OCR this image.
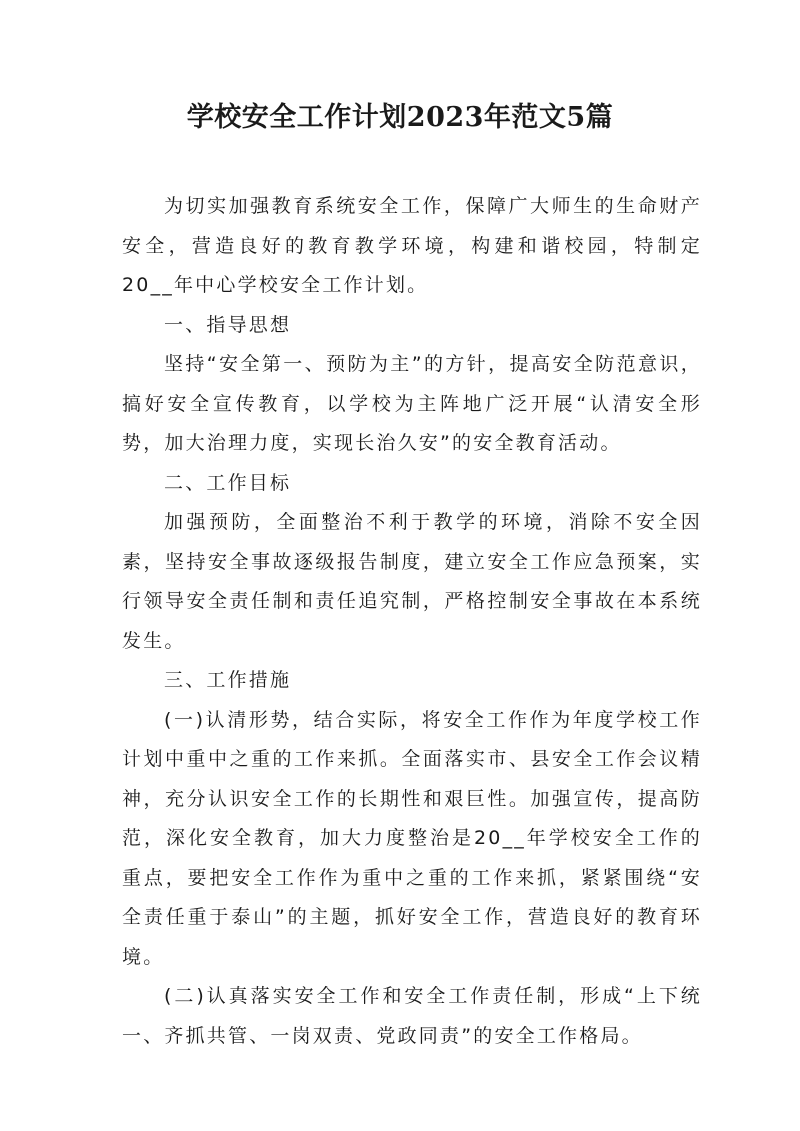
学校安全工作计划2023年范文5篇

为切实加强教育系统安全工作，保障广大师生的生命财产安全，营造良好的教育教学环境，构建和谐校园，特制定20__年中心学校安全工作计划。

一、指导思想

坚持“安全第一、预防为主”的方针，提高安全防范意识，搞好安全宣传教育，以学校为主阵地广泛开展“认清安全形势，加大治理力度，实现长治久安”的安全教育活动。

二、工作目标

加强预防，全面整治不利于教学的环境，消除不安全因素，坚持安全事故逐级报告制度，建立安全工作应急预案，实行领导安全责任制和责任追究制，严格控制安全事故在本系统发生。

三、工作措施

(一)认清形势，结合实际，将安全工作作为年度学校工作计划中重中之重的工作来抓。全面落实市、县安全工作会议精神，充分认识安全工作的长期性和艰巨性。加强宣传，提高防范，深化安全教育，加大力度整治是20__年学校安全工作的重点，要把安全工作作为重中之重的工作来抓，紧紧围绕“安全责任重于泰山”的主题，抓好安全工作，营造良好的教育环境。

(二)认真落实安全工作和安全工作责任制，形成“上下统一、齐抓共管、一岗双责、党政同责”的安全工作格局。
